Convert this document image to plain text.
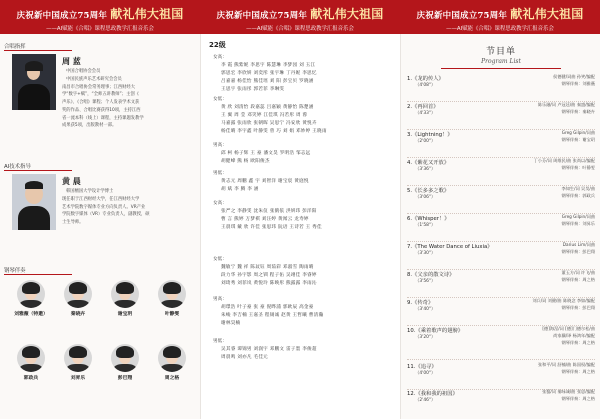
庆祝新中国成立75周年 献礼伟大祖国
——AI赋能《合唱》课程思政教学汇报音乐会
庆祝新中国成立75周年 献礼伟大祖国
——AI赋能《合唱》课程思政教学汇报音乐会
庆祝新中国成立75周年 献礼伟大祖国
——AI赋能《合唱》课程思政教学汇报音乐会
合唱指挥
周 蓝
中国合唱协会会员
中国民族声乐艺术研究会会员
南昌市合唱协会常务理事；江西财经大
学“数字+赋”，“全师五讲教师”；主创《
声乐》、《合唱》课程；个人发表学术文获
奖的作品、合唱比赛获得10项，主持江西
省一流本科（线上）课程，主持课题发教学
成果获5项，出版教材一部。
AI技术指导
黄 晨
韩国檀国大学设计学博士
现任职于江西财经大学，任江西财经大学
艺术学院数字媒体专业方向负责人。VR产业
学院数字媒体（VR）专业负责人，副教授，硕
士生导师。
钢琴伴奏
刘雅薇（特邀）	秦晓卉	谢宝玥	叶静雯
郭政兵	刘昇乐	彭巴翔	周之格
22级
女高：
李 霞 熊紫妮 李思宇 陈慧琳 李梦园 刘 玉江
郭思宏 李欣妍 刘奕彤 张宇琳 丁丹妮 李思忆
吕嘉嘉 杨佳怡 熊佳瑶 刘 阳 彭宝贝 罗晓涵
王思宇 张雨彤 郭若菲 李琳雯
女低：
黄 欣 刘清怡 段嘉蕊 吕嘉颖 黄静怡 陈楚涵
王 翼 周 莹 邓笑婷 江佳琪 冯若彤 周 蓉
马嘉露 张雨欣 张朝晖 吴思宁 冯安欣 黄悦卉
杨佳晴 李宇鑫 叶静雯 曾 巧 刘 娟 邓妙婷 王晓雨
男高：
邱 柯 杨子辉 王 豪 潘文昊 罗明浩 邹志远
胡健峰 熊 杨 欧阳俊杰
男低：
黄志元 周鹏 鑫 宇 刘智洋 谢宝宸 黄庭悦
胡 斌 李 腾 李 涵
女高：
张严之 李静雯 沈朱仪 张鹤依 洪妍玮 彭洋阳
曹 言 熊婷 万梦祺 刘汪婷 黄闻云 龙寿婷
王晨琪 戴 欣 许佳 张思玮 阮语 王诗若 王 秀佳
女低：
魏敏宁 魏 祥 陈玟钰 周茹彩 邓淑雪 陶雨晴
段力华 孙宇影 周之钏 程子佑 吴翊佳 李睿婷
刘琦秀 刘菲岚 黄悦玲 陈映彤 熊露露 李雨沁
男高：
胡璟浩 叶子豪 张 豪 倪晔浦 郭欧辰 高金豪
朱峻 李吉楠 王嘉圣 程锡诚 赵黄 王哲曦 曹清瀚
谢林昊楠
男低：
吴其睿 谭锦男 刘润宇 邓鹏文 雷子墨 李俊超
周晨鸣 刘亦凡 毛佳元
节目单
Program List
1.《龙的传人》
（4'08"）
侯德健/词曲 孙笑/编配
钢琴伴奏：刘雅薇
2.《再回首》
（4'33"）
陈乐融/词 卢冠廷/曲 秦盛/编配
钢琴伴奏：秦晓卉
3.《Lightning！》
（2'00"）
Greg Gilpin/词曲
钢琴伴奏：谢宝玥
4.《紫花又开放》
（3'36"）
丁小芬/词 周维民/曲 张尚以/编配
钢琴伴奏：叶静雯
5.《长多多之歌》
（3'06"）
李知生/词 吴昊/曲
钢琴伴奏：郭政兵
6.《Whisper！》
（1'58"）
Greg Gilpin/词曲
钢琴伴奏：刘昇乐
7.《The Water Dance of Liuxia》
（3'30"）
Darius Lim/词曲
钢琴伴奏：彭巴翔
8.《父亲的散文诗》
（3'56"）
董玉方/词 许飞/曲
钢琴伴奏：周之格
9.《传奇》
（3'40"）
刘兵/词 刘健/曲 陈晓念 李如/编配
钢琴伴奏：彭巴翔
10.《乘着歌声的翅膀》
（3'20"）
[德]海涅/词 [德]门德尔松/曲
尚家骥/译 杨鸿年/编配
钢琴伴奏：周之格
11.《追寻》
（4'00"）
张和平/词 舒楠/曲 陈国权/编配
钢琴伴奏：周之格
12.《我和我的祖国》
（2'46"）
张藜/词 秦咏诚/曲 张思/编配
钢琴伴奏：周之格
